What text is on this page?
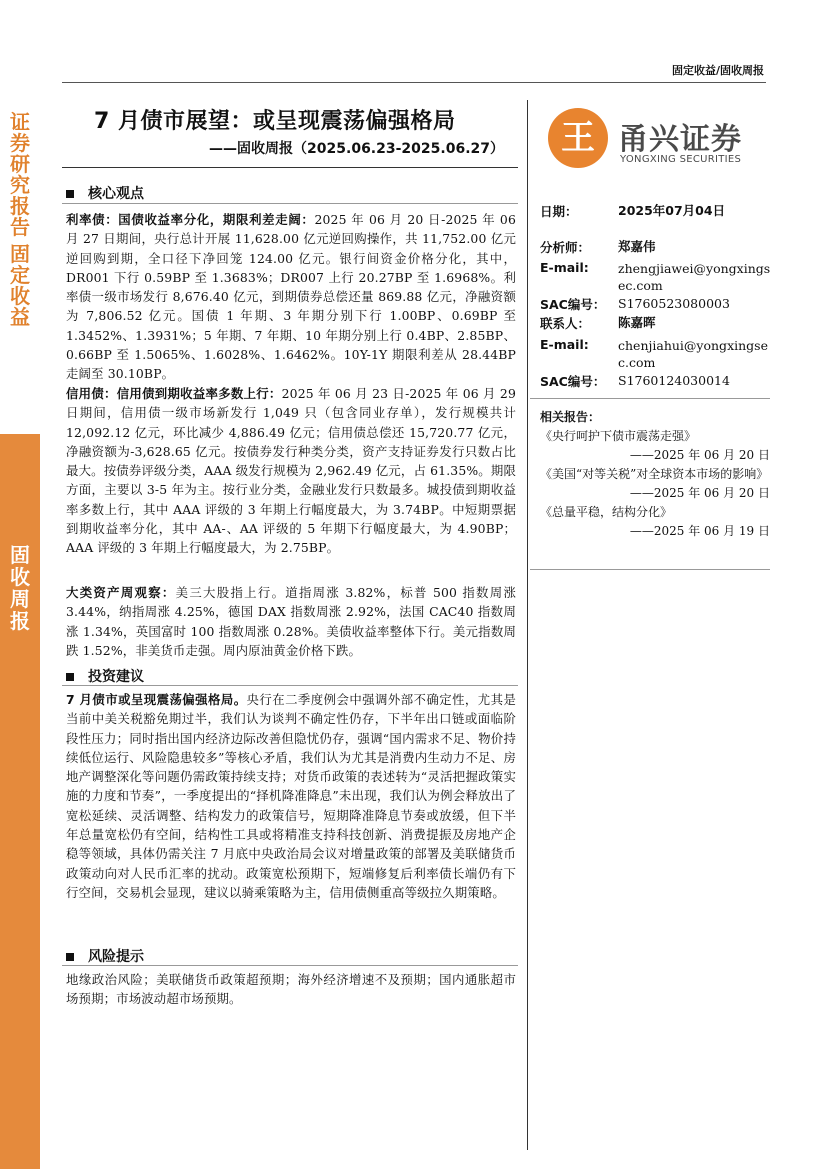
证券研究报告
固定收益
固收周报
固定收益/固收周报
7 月债市展望：或呈现震荡偏强格局
——固收周报（2025.06.23-2025.06.27）	王 甬兴证券
YONGXING SECURITIES
核心观点
利率债：国债收益率分化，期限利差走阔：2025 年 06 月 20 日-2025 年 06 月 27 日期间，央行总计开展 11,628.00 亿元逆回购操作，共 11,752.00 亿元逆回购到期，全口径下净回笼 124.00 亿元。银行间资金价格分化，其中，DR001 下行 0.59BP 至 1.3683%；DR007 上行 20.27BP 至 1.6968%。利率债一级市场发行 8,676.40 亿元，到期债券总偿还量 869.88 亿元，净融资额为 7,806.52 亿元。国债 1 年期、3 年期分别下行 1.00BP、0.69BP 至 1.3452%、1.3931%；5 年期、7 年期、10 年期分别上行 0.4BP、2.85BP、0.66BP 至 1.5065%、1.6028%、1.6462%。10Y-1Y 期限利差从 28.44BP 走阔至 30.10BP。
信用债：信用债到期收益率多数上行：2025 年 06 月 23 日-2025 年 06 月 29 日期间，信用债一级市场新发行 1,049 只（包含同业存单），发行规模共计 12,092.12 亿元，环比减少 4,886.49 亿元；信用债总偿还 15,720.77 亿元，净融资额为-3,628.65 亿元。按债券发行种类分类，资产支持证券发行只数占比最大。按债券评级分类，AAA 级发行规模为 2,962.49 亿元，占 61.35%。期限方面，主要以 3-5 年为主。按行业分类，金融业发行只数最多。城投债到期收益率多数上行，其中 AAA 评级的 3 年期上行幅度最大，为 3.74BP。中短期票据到期收益率分化，其中 AA-、AA 评级的 5 年期下行幅度最大，为 4.90BP；AAA 评级的 3 年期上行幅度最大，为 2.75BP。
大类资产周观察：美三大股指上行。道指周涨 3.82%，标普 500 指数周涨 3.44%，纳指周涨 4.25%，德国 DAX 指数周涨 2.92%，法国 CAC40 指数周涨 1.34%，英国富时 100 指数周涨 0.28%。美债收益率整体下行。美元指数周跌 1.52%，非美货币走强。周内原油黄金价格下跌。
投资建议
7 月债市或呈现震荡偏强格局。央行在二季度例会中强调外部不确定性，尤其是当前中美关税豁免期过半，我们认为谈判不确定性仍存，下半年出口链或面临阶段性压力；同时指出国内经济边际改善但隐忧仍存，强调“国内需求不足、物价持续低位运行、风险隐患较多”等核心矛盾，我们认为尤其是消费内生动力不足、房地产调整深化等问题仍需政策持续支持；对货币政策的表述转为“灵活把握政策实施的力度和节奏”，一季度提出的“择机降准降息”未出现，我们认为例会释放出了宽松延续、灵活调整、结构发力的政策信号，短期降准降息节奏或放缓，但下半年总量宽松仍有空间，结构性工具或将精准支持科技创新、消费提振及房地产企稳等领域，具体仍需关注 7 月底中央政治局会议对增量政策的部署及美联储货币政策动向对人民币汇率的扰动。政策宽松预期下，短端修复后利率债长端仍有下行空间，交易机会显现，建议以骑乘策略为主，信用债侧重高等级拉久期策略。
风险提示
地缘政治风险；美联储货币政策超预期；海外经济增速不及预期；国内通胀超市场预期；市场波动超市场预期。
日期：	2025年07月04日
分析师： 郑嘉伟
E-mail: zhengjiawei@yongxingsec.com
SAC编号： S1760523080003
联系人： 陈嘉晖
E-mail: chenjiahui@yongxingsec.com
SAC编号： S1760124030014
相关报告：
《央行呵护下债市震荡走强》
——2025 年 06 月 20 日
《美国“对等关税”对全球资本市场的影响》
——2025 年 06 月 20 日
《总量平稳，结构分化》
——2025 年 06 月 19 日
